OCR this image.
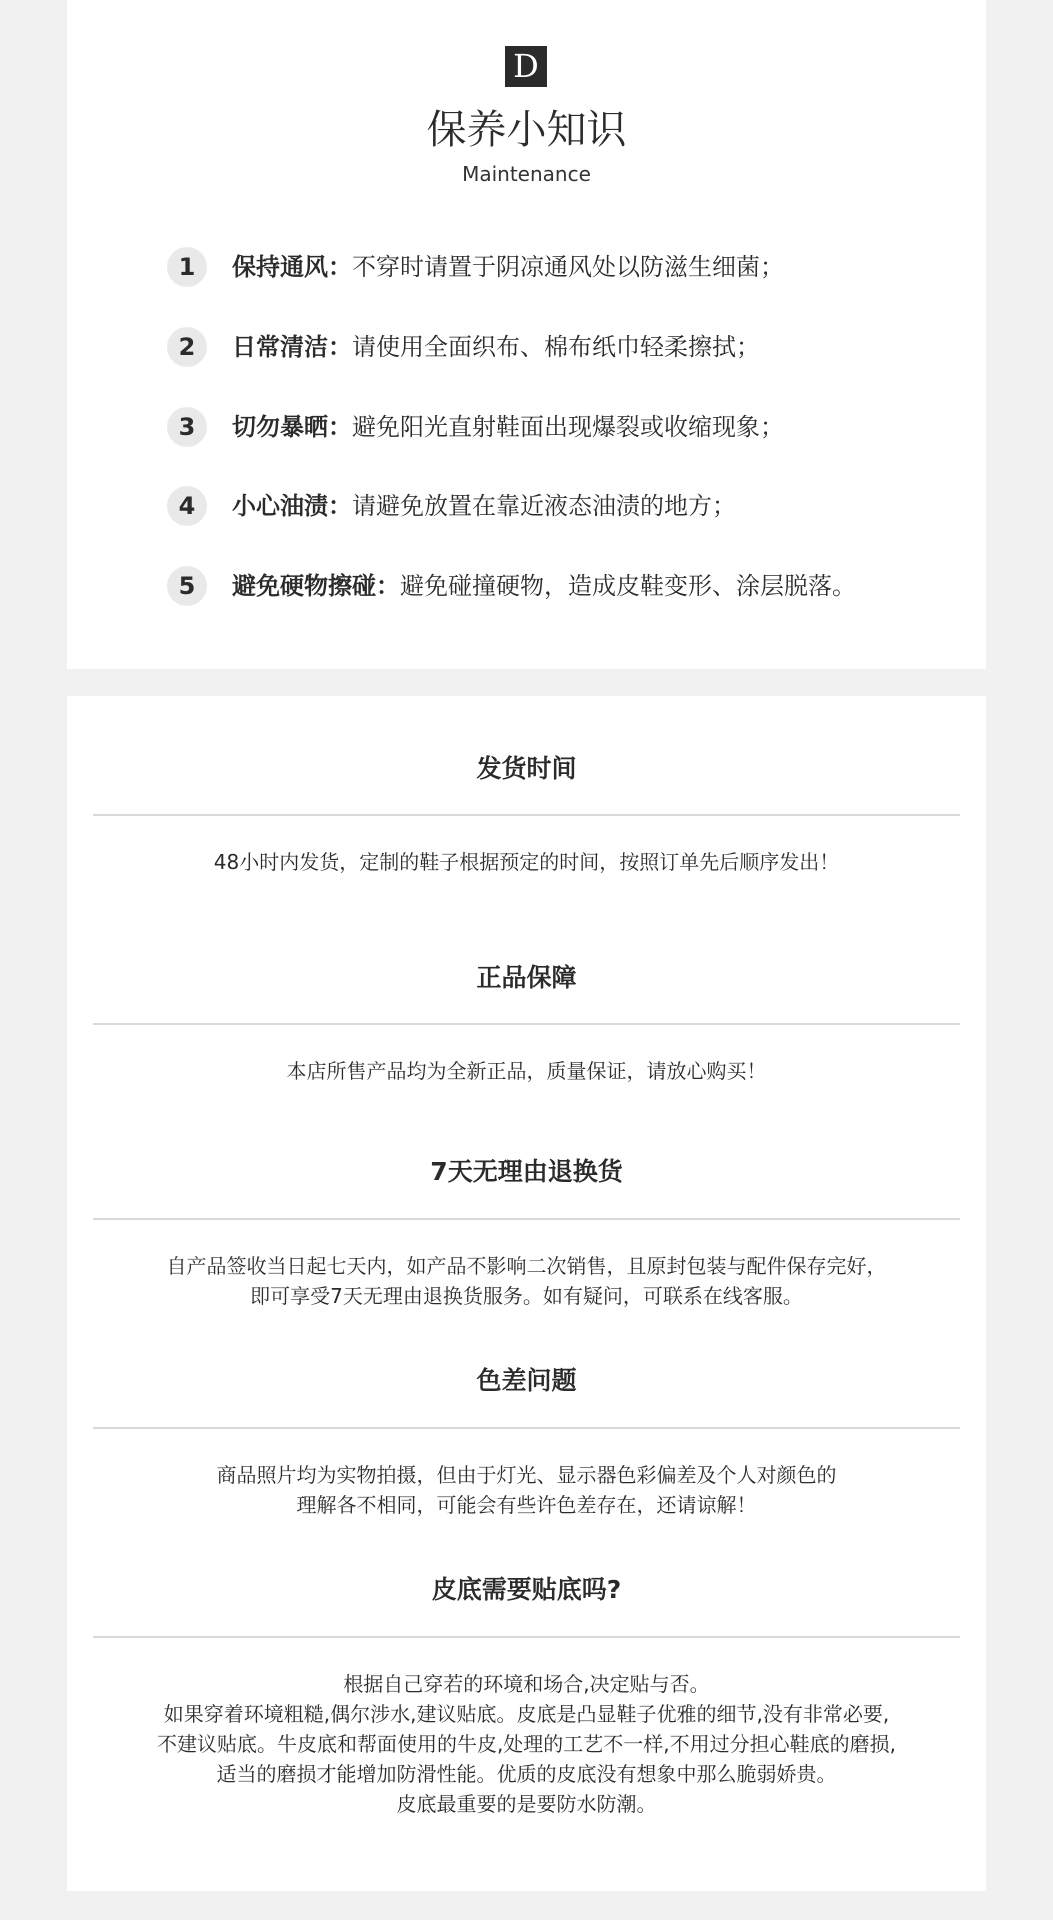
D
保养小知识
Maintenance
1	保持通风：不穿时请置于阴凉通风处以防滋生细菌；
2	日常清洁：请使用全面织布、棉布纸巾轻柔擦拭；
3	切勿暴晒：避免阳光直射鞋面出现爆裂或收缩现象；
4	小心油渍：请避免放置在靠近液态油渍的地方；
5	避免硬物擦碰：避免碰撞硬物，造成皮鞋变形、涂层脱落。
发货时间
48小时内发货，定制的鞋子根据预定的时间，按照订单先后顺序发出！
正品保障
本店所售产品均为全新正品，质量保证，请放心购买！
7天无理由退换货
自产品签收当日起七天内，如产品不影响二次销售，且原封包装与配件保存完好，
即可享受7天无理由退换货服务。如有疑问，可联系在线客服。
色差问题
商品照片均为实物拍摄，但由于灯光、显示器色彩偏差及个人对颜色的
理解各不相同，可能会有些许色差存在，还请谅解！
皮底需要贴底吗?
根据自己穿若的环境和场合,决定贴与否。
如果穿着环境粗糙,偶尔涉水,建议贴底。皮底是凸显鞋子优雅的细节,没有非常必要,
不建议贴底。牛皮底和帮面使用的牛皮,处理的工艺不一样,不用过分担心鞋底的磨损,
适当的磨损才能增加防滑性能。优质的皮底没有想象中那么脆弱娇贵。
皮底最重要的是要防水防潮。
